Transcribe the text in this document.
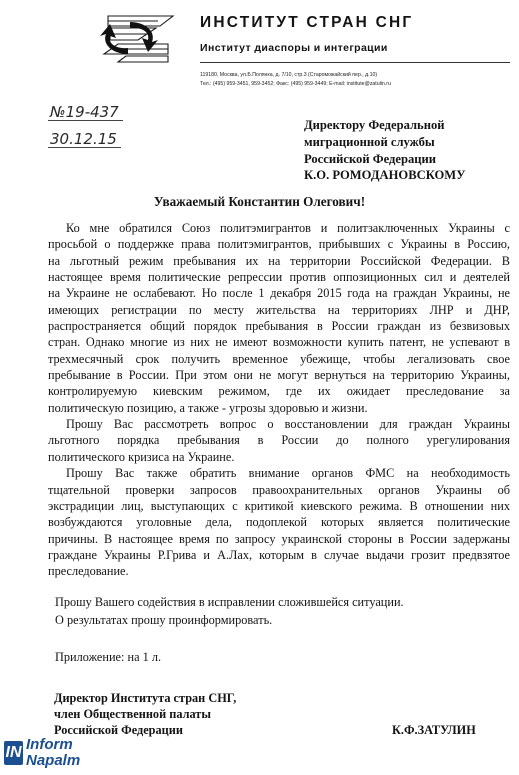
ИНСТИТУТ СТРАН СНГ
Институт диаспоры и интеграции
119180, Москва, ул.Б.Полянка, д. 7/10, стр.3 (Староможайский пер., д.10)
Тел.: (495) 959-3451, 959-3452; Факс: (495) 959-3449; E-mail: institute@zatulin.ru
№19-437
30.12.15
Директору Федеральной
миграционной службы
Российской Федерации
К.О. РОМОДАНОВСКОМУ
Уважаемый Константин Олегович!
Ко мне обратился Союз политэмигрантов и политзаключенных Украины с
просьбой о поддержке права политэмигрантов, прибывших с Украины в Россию,
на льготный режим пребывания их на территории Российской Федерации. В
настоящее время политические репрессии против оппозиционных сил и деятелей
на Украине не ослабевают. Но после 1 декабря 2015 года на граждан Украины, не
имеющих регистрации по месту жительства на территориях ЛНР и ДНР,
распространяется общий порядок пребывания в России граждан из безвизовых
стран. Однако многие из них не имеют возможности купить патент, не успевают в
трехмесячный срок получить временное убежище, чтобы легализовать свое
пребывание в России. При этом они не могут вернуться на территорию Украины,
контролируемую киевским режимом, где их ожидает преследование за
политическую позицию, а также - угрозы здоровью и жизни.
Прошу Вас рассмотреть вопрос о восстановлении для граждан Украины
льготного порядка пребывания в России до полного урегулирования
политического кризиса на Украине.
Прошу Вас также обратить внимание органов ФМС на необходимость
тщательной проверки запросов правоохранительных органов Украины об
экстрадиции лиц, выступающих с критикой киевского режима. В отношении них
возбуждаются уголовные дела, подоплекой которых является политические
причины. В настоящее время по запросу украинской стороны в России задержаны
граждане Украины Р.Грива и А.Лах, которым в случае выдачи грозит предвзятое
преследование.
Прошу Вашего содействия в исправлении сложившейся ситуации.
О результатах прошу проинформировать.
Приложение: на 1 л.
Директор Института стран СНГ,
член Общественной палаты
Российской Федерации	К.Ф.ЗАТУЛИН
IN Inform
Napalm
